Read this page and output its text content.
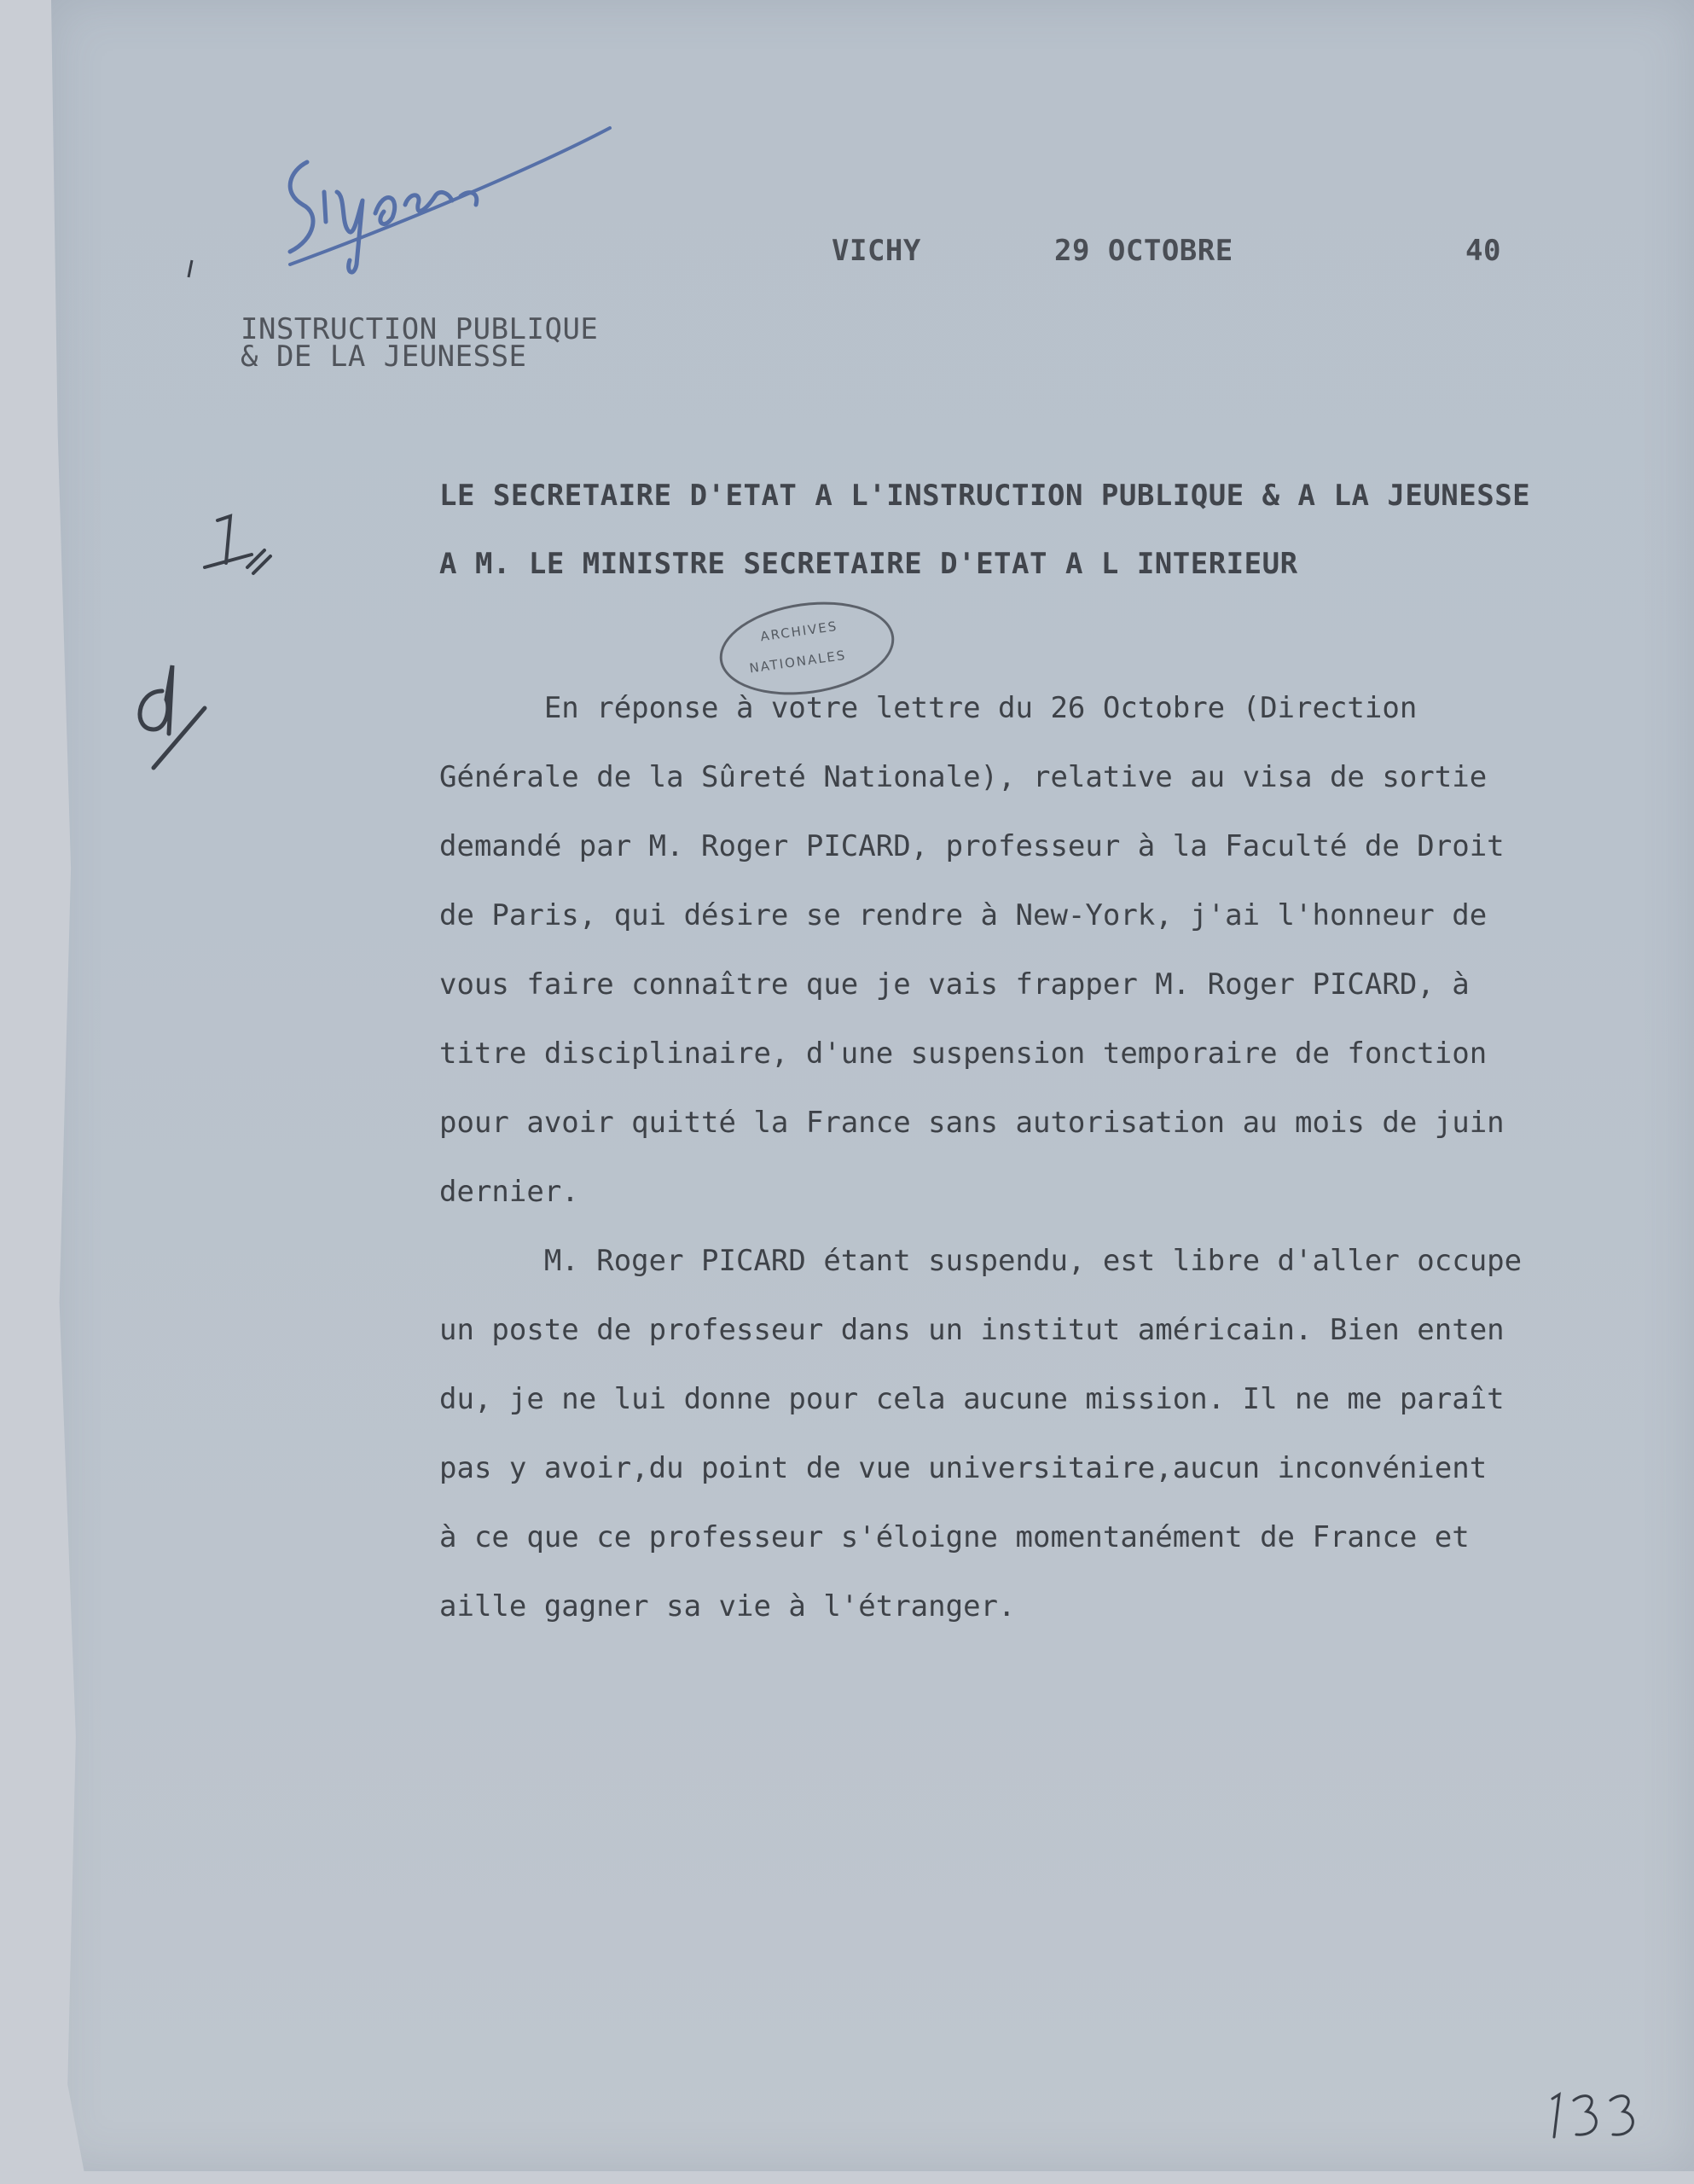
VICHY	29 OCTOBRE	40
INSTRUCTION PUBLIQUE
& DE LA JEUNESSE
LE SECRETAIRE D'ETAT A L'INSTRUCTION PUBLIQUE & A LA JEUNESSE
A M. LE MINISTRE SECRETAIRE D'ETAT A L INTERIEUR
ARCHIVES
NATIONALES

En réponse à votre lettre du 26 Octobre (Direction

Générale de la Sûreté Nationale), relative au visa de sortie

demandé par M. Roger PICARD, professeur à la Faculté de Droit

de Paris, qui désire se rendre à New-York, j'ai l'honneur de

vous faire connaître que je vais frapper M. Roger PICARD, à

titre disciplinaire, d'une suspension temporaire de fonction

pour avoir quitté la France sans autorisation au mois de juin

dernier.

M. Roger PICARD étant suspendu, est libre d'aller occupe

un poste de professeur dans un institut américain. Bien enten

du, je ne lui donne pour cela aucune mission. Il ne me paraît

pas y avoir,du point de vue universitaire,aucun inconvénient

à ce que ce professeur s'éloigne momentanément de France et

aille gagner sa vie à l'étranger.
